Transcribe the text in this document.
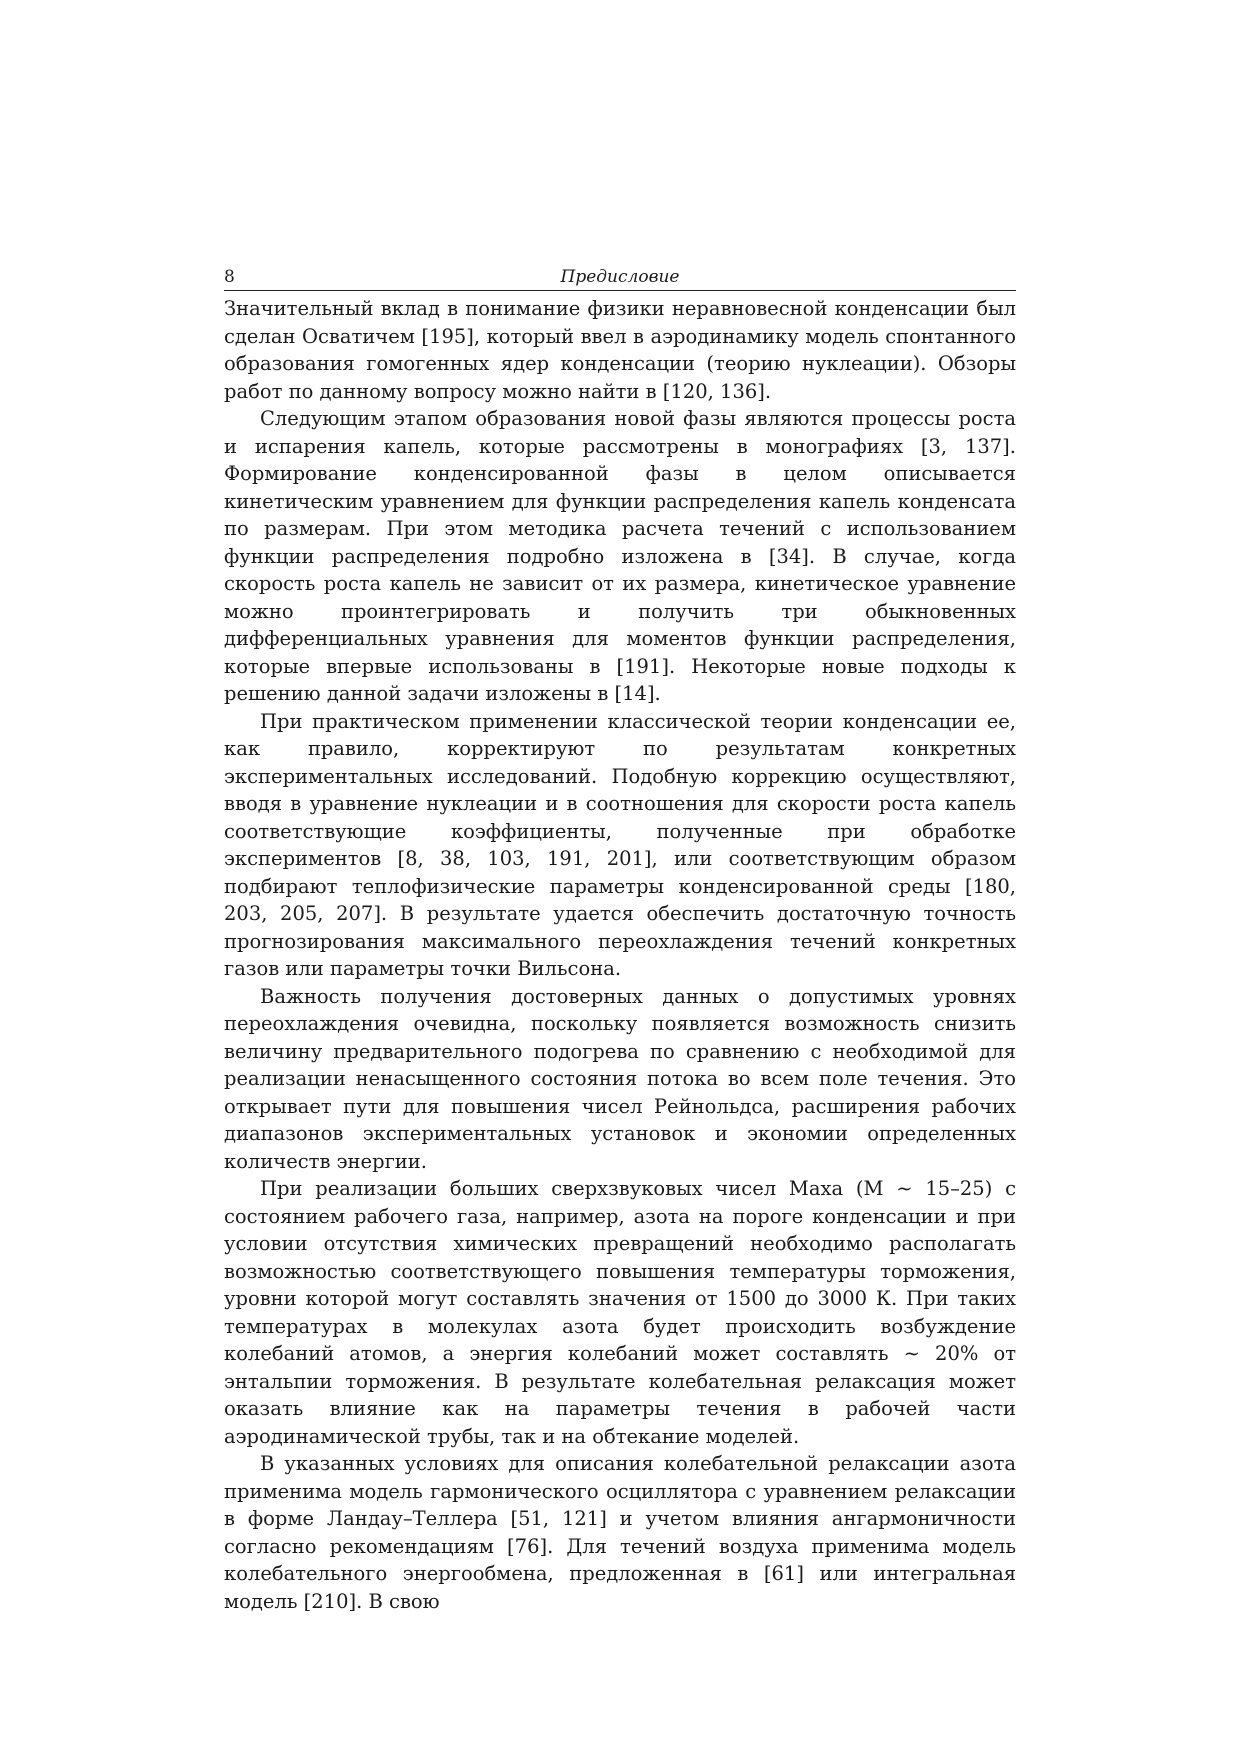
8	Предисловие

Значительный вклад в понимание физики неравновесной конденсации был сделан Осватичем [195], который ввел в аэродинамику модель спонтанного образования гомогенных ядер конденсации (теорию нуклеации). Обзоры работ по данному вопросу можно найти в [120, 136].

Следующим этапом образования новой фазы являются процессы роста и испарения капель, которые рассмотрены в монографиях [3, 137]. Формирование конденсированной фазы в целом описывается кинетическим уравнением для функции распределения капель конденсата по размерам. При этом методика расчета течений с использованием функции распределения подробно изложена в [34]. В случае, когда скорость роста капель не зависит от их размера, кинетическое уравнение можно проинтегрировать и получить три обыкновенных дифференциальных уравнения для моментов функции распределения, которые впервые использованы в [191]. Некоторые новые подходы к решению данной задачи изложены в [14].

При практическом применении классической теории конденсации ее, как правило, корректируют по результатам конкретных экспериментальных исследований. Подобную коррекцию осуществляют, вводя в уравнение нуклеации и в соотношения для скорости роста капель соответствующие коэффициенты, полученные при обработке экспериментов [8, 38, 103, 191, 201], или соответствующим образом подбирают теплофизические параметры конденсированной среды [180, 203, 205, 207]. В результате удается обеспечить достаточную точность прогнозирования максимального переохлаждения течений конкретных газов или параметры точки Вильсона.

Важность получения достоверных данных о допустимых уровнях переохлаждения очевидна, поскольку появляется возможность снизить величину предварительного подогрева по сравнению с необходимой для реализации ненасыщенного состояния потока во всем поле течения. Это открывает пути для повышения чисел Рейнольдса, расширения рабочих диапазонов экспериментальных установок и экономии определенных количеств энергии.

При реализации больших сверхзвуковых чисел Маха (M ∼ 15–25) с состоянием рабочего газа, например, азота на пороге конденсации и при условии отсутствия химических превращений необходимо располагать возможностью соответствующего повышения температуры торможения, уровни которой могут составлять значения от 1500 до 3000 К. При таких температурах в молекулах азота будет происходить возбуждение колебаний атомов, а энергия колебаний может составлять ∼ 20% от энтальпии торможения. В результате колебательная релаксация может оказать влияние как на параметры течения в рабочей части аэродинамической трубы, так и на обтекание моделей.

В указанных условиях для описания колебательной релаксации азота применима модель гармонического осциллятора с уравнением релаксации в форме Ландау–Теллера [51, 121] и учетом влияния ангармоничности согласно рекомендациям [76]. Для течений воздуха применима модель колебательного энергообмена, предложенная в [61] или интегральная модель [210]. В свою
